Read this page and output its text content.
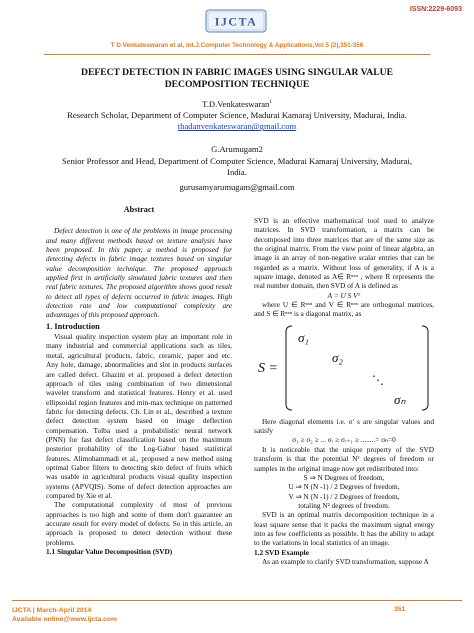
ISSN:2229-6093
IJCTA
T D Venkateswaran et al, Int.J.Computer Technology & Applications,Vol 5 (2),351-356
DEFECT DETECTION IN FABRIC IMAGES USING SINGULAR VALUE
DECOMPOSITION TECHNIQUE
T.D.Venkateswaran$^1$
Research Scholar, Department of Computer Science, Madurai Kamaraj University, Madurai, India.
thadanvenkateswaran@gmail.com
G.Arumugam2
Senior Professor and Head, Department of Computer Science, Madurai Kamaraj University, Madurai,
India.
gurusamyarumugam@gmail.com
Abstract
Defect detection is one of the problems in image processing and many different methods based on texture analysis have been proposed. In this paper, a method is proposed for detecting defects in fabric image textures based on singular value decomposition technique. The proposed approach applied first in artificially simulated fabric textures and then real fabric textures. The proposed algorithm shows good result to detect all types of defects occurred in fabric images. High detection rate and low computational complexity are advantages of this proposed approach.
1. Introduction
Visual quality inspection system play an important role in many industrial and commercial applications such as tiles, metal, agricultural products, fabric, ceramic, paper and etc. Any hole, damage, abnormalities and slot in products surfaces are called defect. Ghazini et al. proposed a defect detection approach of tiles using combination of two dimensional wavelet transform and statistical features. Henry et al. used ellipsoidal region features and min-max technique on patterned fabric for detecting defects. Ch. Lin et al., described a texture defect detection system based on image deflection compensation. Tolba used a probabilistic neural network (PNN) for fast defect classification based on the maximum posterior probability of the Log-Gabor based statistical features. Alimohammadi et al., proposed a new method using optimal Gabor filters to detecting skin defect of fruits which was usable in agricultural products visual quality inspection systems (APVQIS). Some of defect detection approaches are compared by Xie et al.
The computational complexity of most of previous approaches is too high and some of them don't guarantee an accurate result for every model of defects. So in this article, an approach is proposed to detect detection without these problems.
1.1 Singular Value Decomposition (SVD)
SVD is an effective mathematical tool used to analyze matrices. In SVD transformation, a matrix can be decomposed into three matrices that are of the same size as the original matrix. From the view point of linear algebra, an image is an array of non-negative scalar entries that can be regarded as a matrix. Without loss of generality, if A is a square image, denoted as A∈ Rⁿˣⁿ , where R represents the real number domain, then SVD of A is defined as
A = U S Vᵀ
where U ∈ Rⁿˣⁿ and V ∈ Rⁿˣⁿ are orthogonal matrices, and S ∈ Rⁿˣⁿ is a diagonal matrix, as
S =
σ₁
σ₂
⋱
σₙ
Here diagonal elements i.e. σ' s are singular values and satisfy
σ₁ ≥ σ₂ ≥ ... σᵣ ≥ σᵣ₊₁ ≥ ........= σₙ=0
It is noticeable that the unique property of the SVD transform is that the potential N² degrees of freedom or samples in the original image now get redistributed into:
S ⇒ N Degrees of freedom,
U ⇒ N (N -1) / 2 Degrees of freedom,
V ⇒ N (N -1) / 2 Degrees of freedom,
totaling N² degrees of freedom.
SVD is an optimal matrix decomposition technique in a least square sense that it packs the maximum signal energy into as few coefficients as possible. It has the ability to adapt to the variations in local statistics of an image.
1.2 SVD Example
As an example to clarify SVD transformation, suppose A
IJCTA | March-April 2014
Available online@www.ijcta.com
351
